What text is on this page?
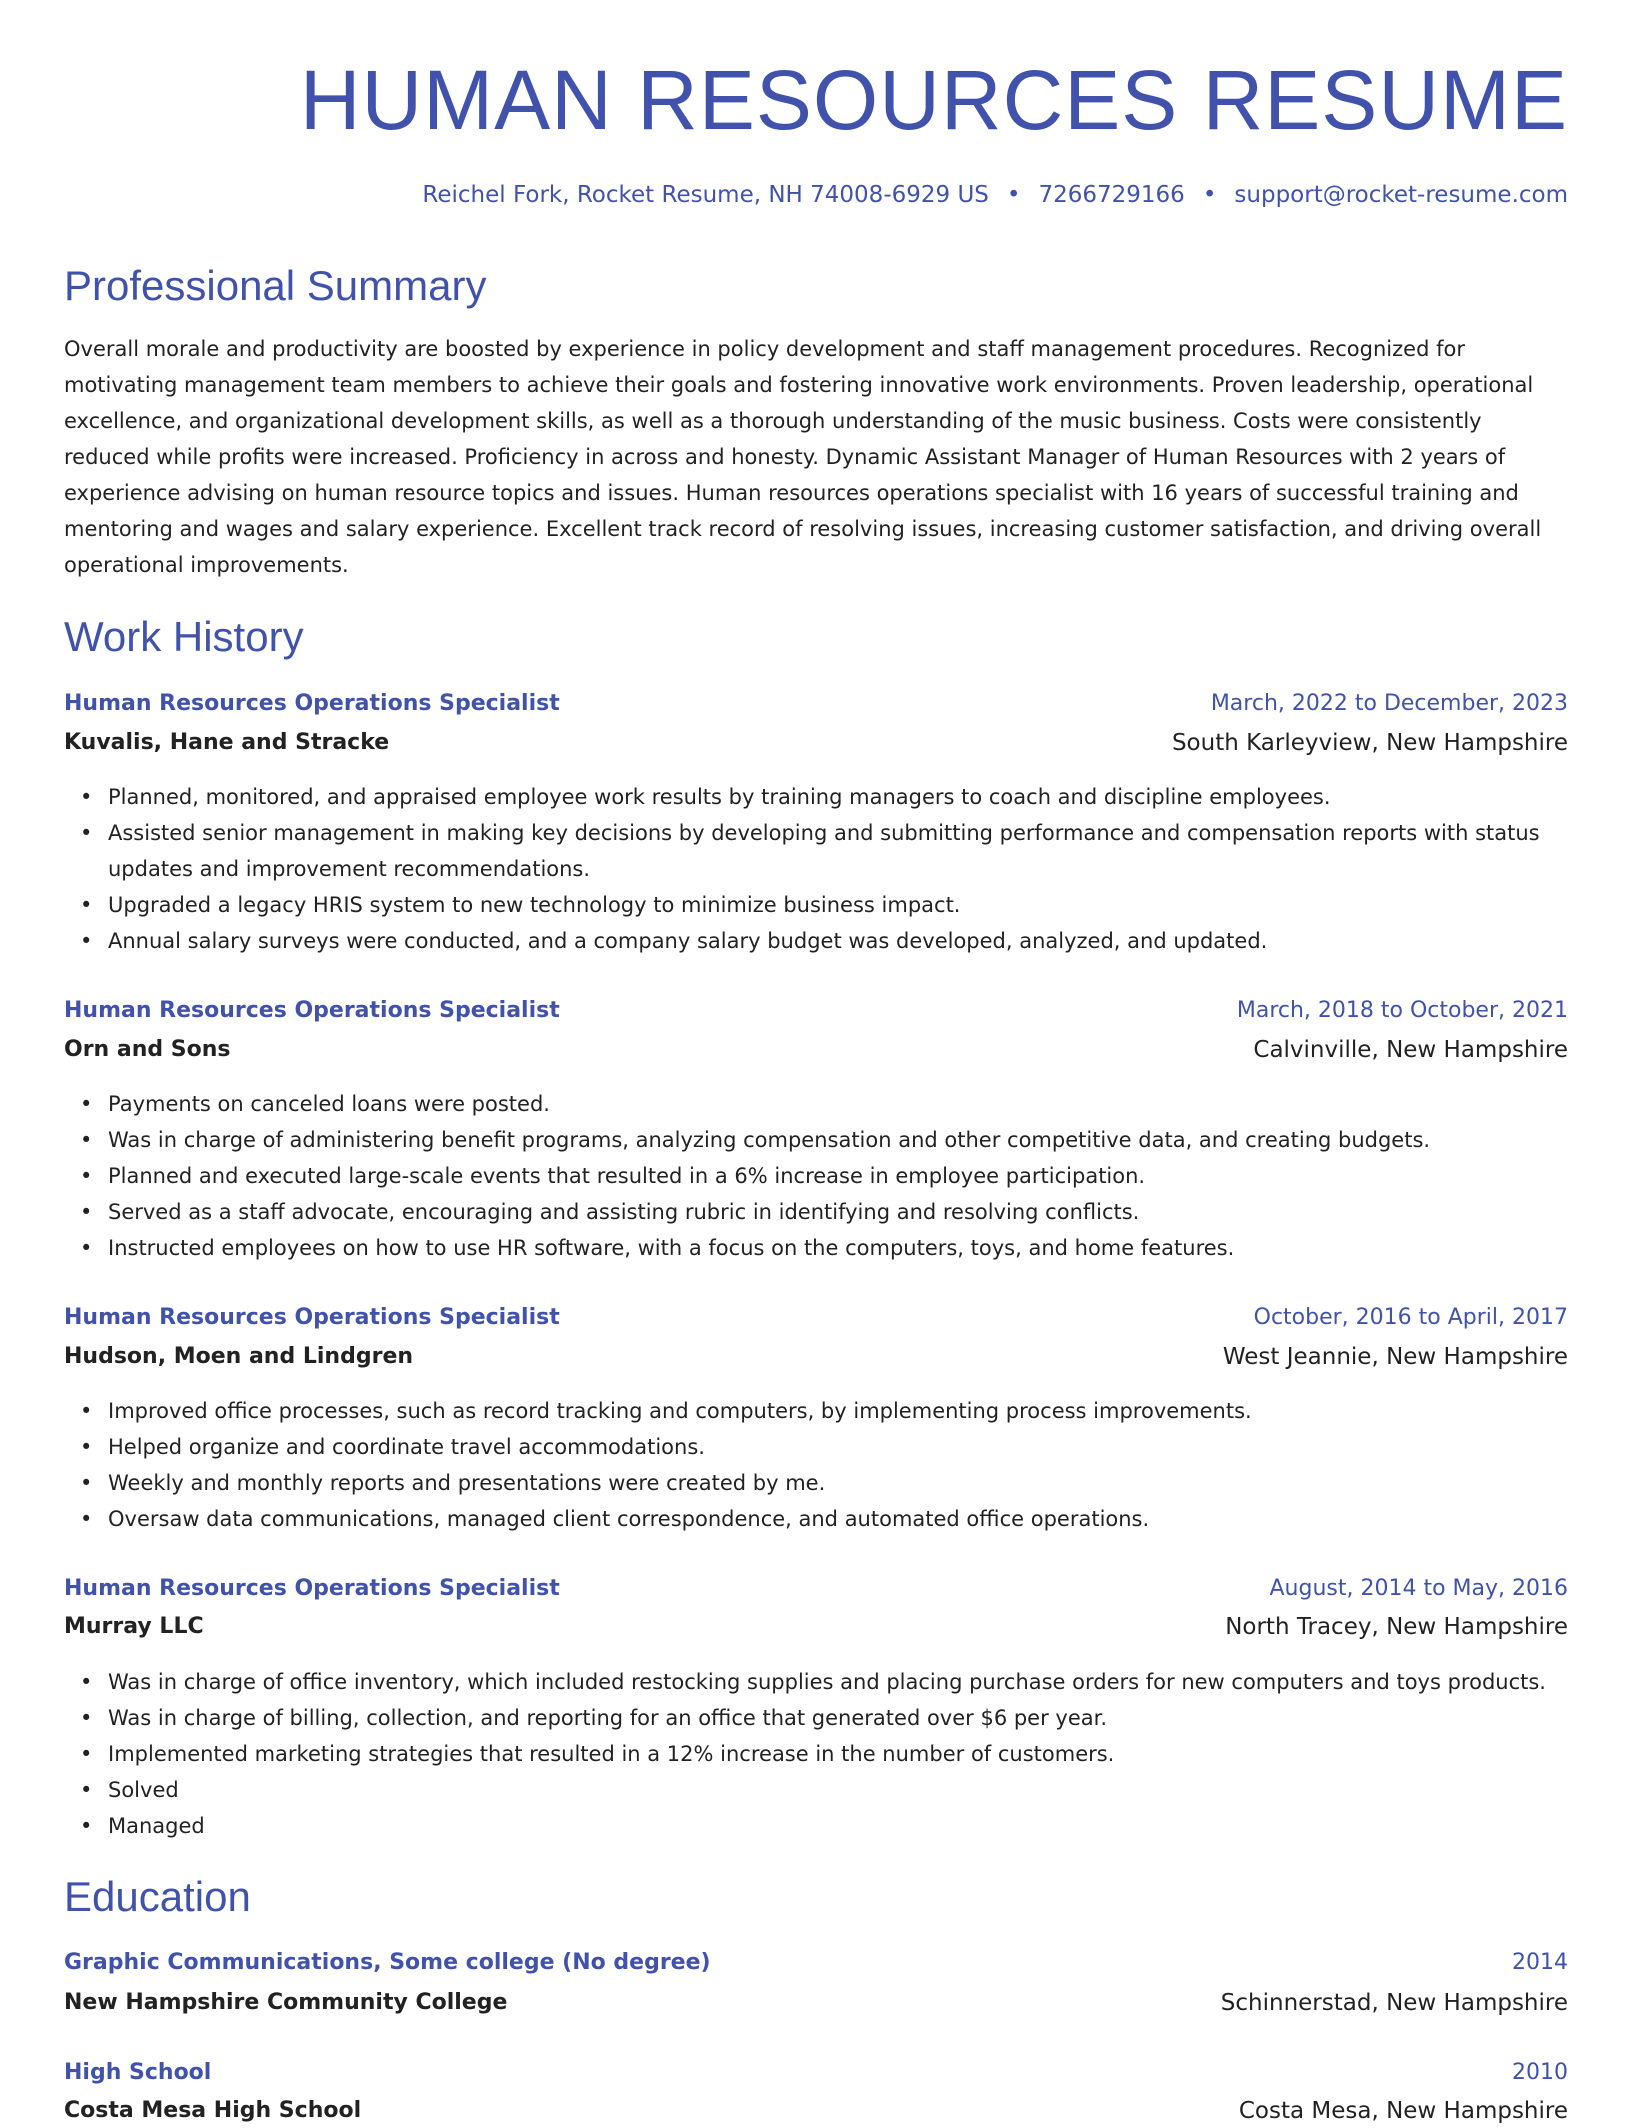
HUMAN RESOURCES RESUME
Reichel Fork, Rocket Resume, NH 74008-6929 US • 7266729166 • support@rocket-resume.com
Professional Summary

Overall morale and productivity are boosted by experience in policy development and staff management procedures. Recognized for motivating management team members to achieve their goals and fostering innovative work environments. Proven leadership, operational excellence, and organizational development skills, as well as a thorough understanding of the music business. Costs were consistently reduced while profits were increased. Proficiency in across and honesty. Dynamic Assistant Manager of Human Resources with 2 years of experience advising on human resource topics and issues. Human resources operations specialist with 16 years of successful training and mentoring and wages and salary experience. Excellent track record of resolving issues, increasing customer satisfaction, and driving overall operational improvements.

Work History
Human Resources Operations Specialist	March, 2022 to December, 2023
Kuvalis, Hane and Stracke	South Karleyview, New Hampshire
• Planned, monitored, and appraised employee work results by training managers to coach and discipline employees.
• Assisted senior management in making key decisions by developing and submitting performance and compensation reports with status updates and improvement recommendations.
• Upgraded a legacy HRIS system to new technology to minimize business impact.
• Annual salary surveys were conducted, and a company salary budget was developed, analyzed, and updated.
Human Resources Operations Specialist	March, 2018 to October, 2021
Orn and Sons	Calvinville, New Hampshire
• Payments on canceled loans were posted.
• Was in charge of administering benefit programs, analyzing compensation and other competitive data, and creating budgets.
• Planned and executed large-scale events that resulted in a 6% increase in employee participation.
• Served as a staff advocate, encouraging and assisting rubric in identifying and resolving conflicts.
• Instructed employees on how to use HR software, with a focus on the computers, toys, and home features.
Human Resources Operations Specialist	October, 2016 to April, 2017
Hudson, Moen and Lindgren	West Jeannie, New Hampshire
• Improved office processes, such as record tracking and computers, by implementing process improvements.
• Helped organize and coordinate travel accommodations.
• Weekly and monthly reports and presentations were created by me.
• Oversaw data communications, managed client correspondence, and automated office operations.
Human Resources Operations Specialist	August, 2014 to May, 2016
Murray LLC	North Tracey, New Hampshire
• Was in charge of office inventory, which included restocking supplies and placing purchase orders for new computers and toys products.
• Was in charge of billing, collection, and reporting for an office that generated over $6 per year.
• Implemented marketing strategies that resulted in a 12% increase in the number of customers.
• Solved
• Managed
Education
Graphic Communications, Some college (No degree)	2014
New Hampshire Community College	Schinnerstad, New Hampshire
High School	2010
Costa Mesa High School	Costa Mesa, New Hampshire
